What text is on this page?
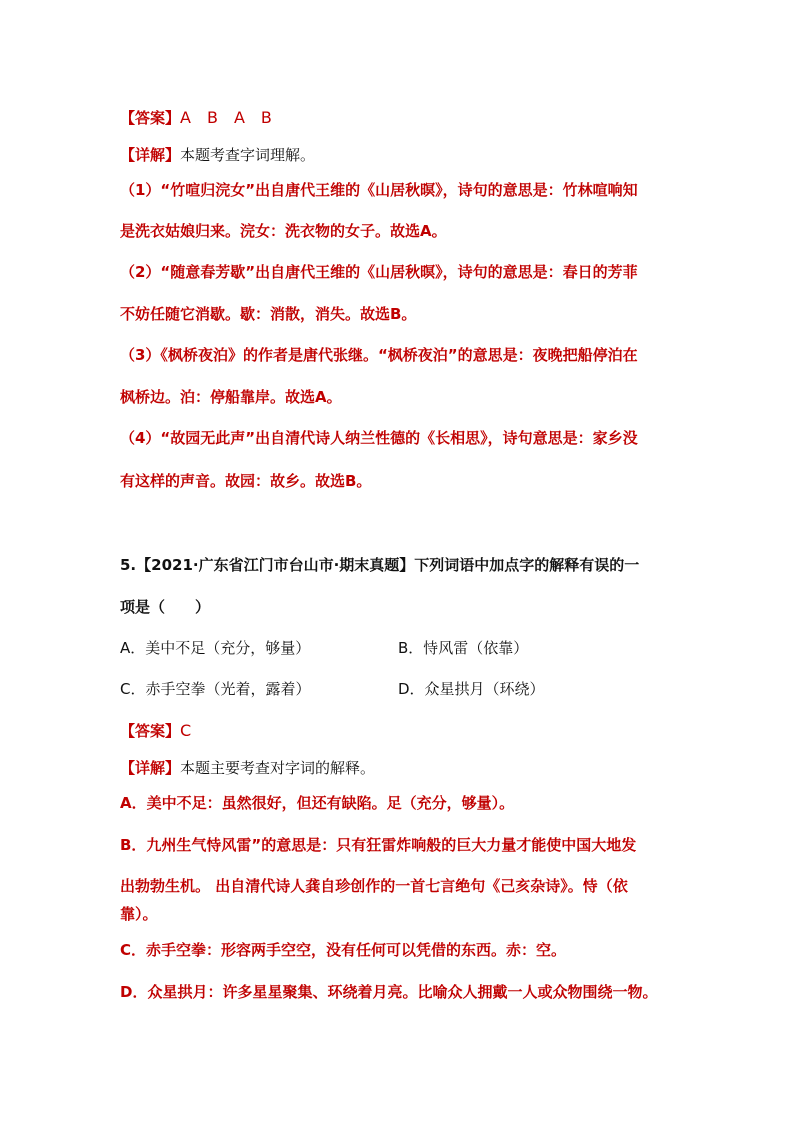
【答案】A　B　A　B
【详解】本题考查字词理解。
（1）“竹喧归浣女”出自唐代王维的《山居秋暝》，诗句的意思是：竹林喧响知
是洗衣姑娘归来。浣女：洗衣物的女子。故选A。
（2）“随意春芳歇”出自唐代王维的《山居秋暝》，诗句的意思是：春日的芳菲
不妨任随它消歇。歇：消散，消失。故选B。
（3）《枫桥夜泊》的作者是唐代张继。“枫桥夜泊”的意思是：夜晚把船停泊在
枫桥边。泊：停船靠岸。故选A。
（4）“故园无此声”出自清代诗人纳兰性德的《长相思》，诗句意思是：家乡没
有这样的声音。故园：故乡。故选B。
5.【2021·广东省江门市台山市·期末真题】下列词语中加点字的解释有误的一
项是（　　）
A．美中不足（充分，够量）	B．恃风雷（依靠）
C．赤手空拳（光着，露着）	D．众星拱月（环绕）
【答案】C
【详解】本题主要考查对字词的解释。
A．美中不足：虽然很好，但还有缺陷。足（充分，够量）。
B．九州生气恃风雷”的意思是：只有狂雷炸响般的巨大力量才能使中国大地发
出勃勃生机。 出自清代诗人龚自珍创作的一首七言绝句《己亥杂诗》。恃（依
靠）。
C．赤手空拳：形容两手空空，没有任何可以凭借的东西。赤：空。
D．众星拱月：许多星星聚集、环绕着月亮。比喻众人拥戴一人或众物围绕一物。
